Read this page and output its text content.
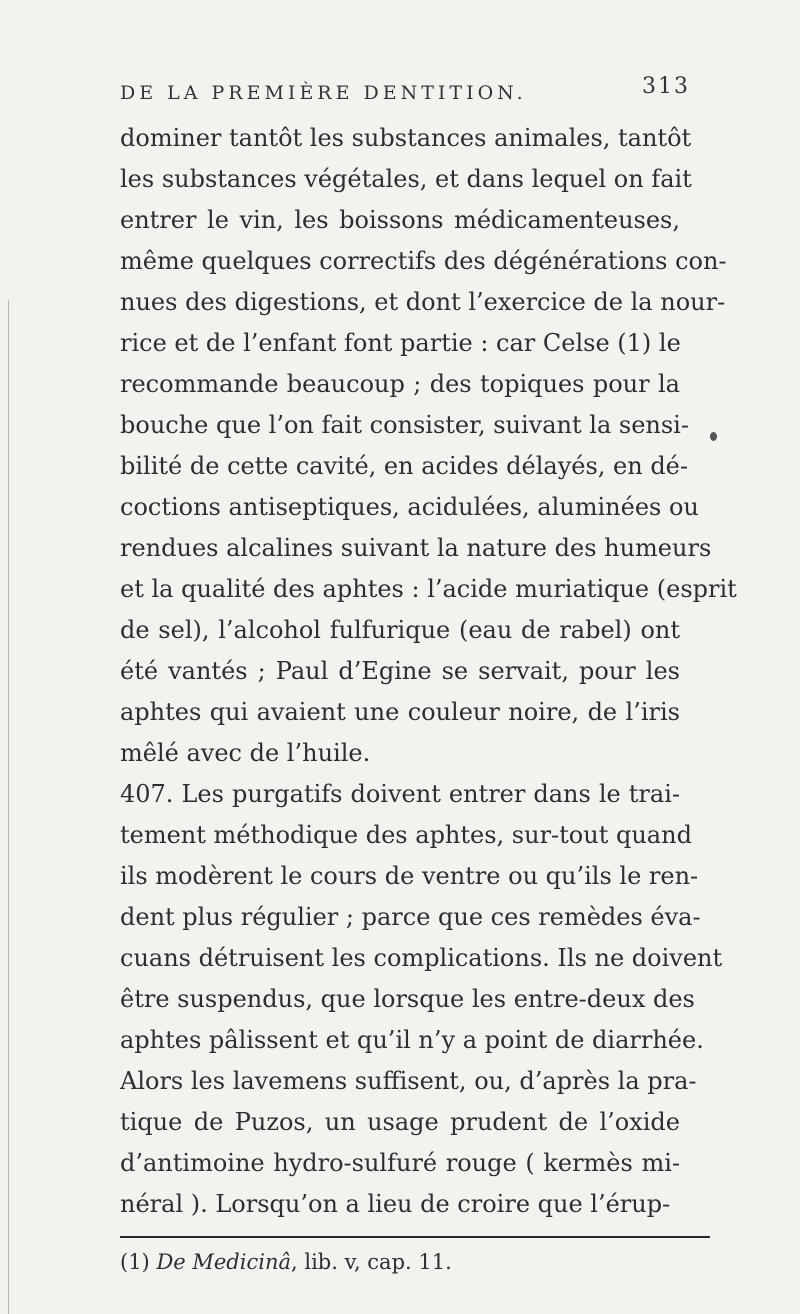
DE LA PREMIÈRE DENTITION.	313
dominer tantôt les substances animales, tantôt
les substances végétales, et dans lequel on fait
entrer le vin, les boissons médicamenteuses,
même quelques correctifs des dégénérations con-
nues des digestions, et dont l’exercice de la nour-
rice et de l’enfant font partie : car Celse (1) le
recommande beaucoup ; des topiques pour la
bouche que l’on fait consister, suivant la sensi-
bilité de cette cavité, en acides délayés, en dé-
coctions antiseptiques, acidulées, aluminées ou
rendues alcalines suivant la nature des humeurs
et la qualité des aphtes : l’acide muriatique (esprit
de sel), l’alcohol fulfurique (eau de rabel) ont
été vantés ; Paul d’Egine se servait, pour les
aphtes qui avaient une couleur noire, de l’iris
mêlé avec de l’huile.
407. Les purgatifs doivent entrer dans le trai-
tement méthodique des aphtes, sur-tout quand
ils modèrent le cours de ventre ou qu’ils le ren-
dent plus régulier ; parce que ces remèdes éva-
cuans détruisent les complications. Ils ne doivent
être suspendus, que lorsque les entre-deux des
aphtes pâlissent et qu’il n’y a point de diarrhée.
Alors les lavemens suffisent, ou, d’après la pra-
tique de Puzos, un usage prudent de l’oxide
d’antimoine hydro-sulfuré rouge ( kermès mi-
néral ). Lorsqu’on a lieu de croire que l’érup-
(1) De Medicinâ, lib. v, cap. 11.
